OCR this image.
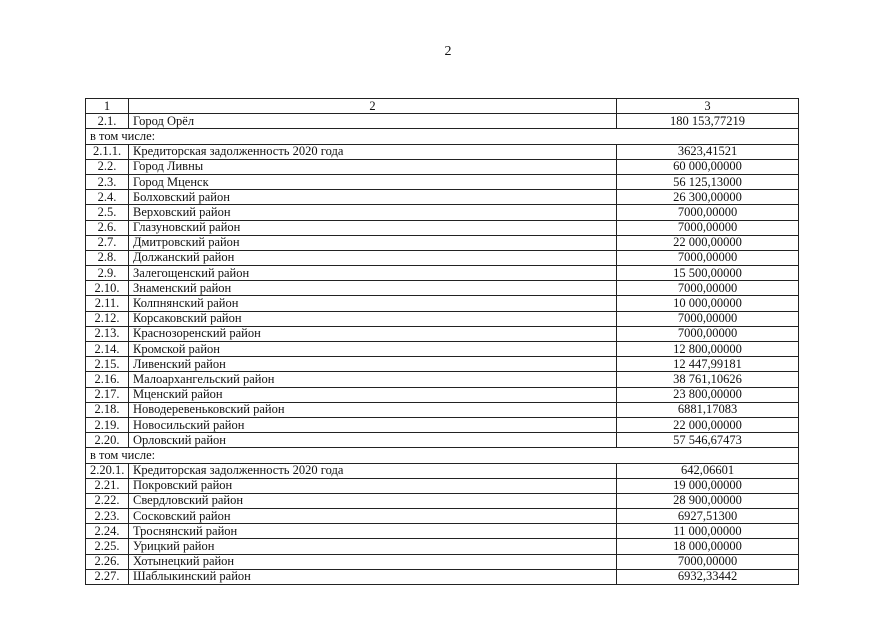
2
1	2	3
2.1.	Город Орёл	180 153,77219
в том числе:		
2.1.1.	Кредиторская задолженность 2020 года	3623,41521
2.2.	Город Ливны	60 000,00000
2.3.	Город Мценск	56 125,13000
2.4.	Болховский район	26 300,00000
2.5.	Верховский район	7000,00000
2.6.	Глазуновский район	7000,00000
2.7.	Дмитровский район	22 000,00000
2.8.	Должанский район	7000,00000
2.9.	Залегощенский район	15 500,00000
2.10.	Знаменский район	7000,00000
2.11.	Колпнянский район	10 000,00000
2.12.	Корсаковский район	7000,00000
2.13.	Краснозоренский район	7000,00000
2.14.	Кромской район	12 800,00000
2.15.	Ливенский район	12 447,99181
2.16.	Малоархангельский район	38 761,10626
2.17.	Мценский район	23 800,00000
2.18.	Новодеревеньковский район	6881,17083
2.19.	Новосильский район	22 000,00000
2.20.	Орловский район	57 546,67473
в том числе:		
2.20.1.	Кредиторская задолженность 2020 года	642,06601
2.21.	Покровский район	19 000,00000
2.22.	Свердловский район	28 900,00000
2.23.	Сосковский район	6927,51300
2.24.	Троснянский район	11 000,00000
2.25.	Урицкий район	18 000,00000
2.26.	Хотынецкий район	7000,00000
2.27.	Шаблыкинский район	6932,33442
